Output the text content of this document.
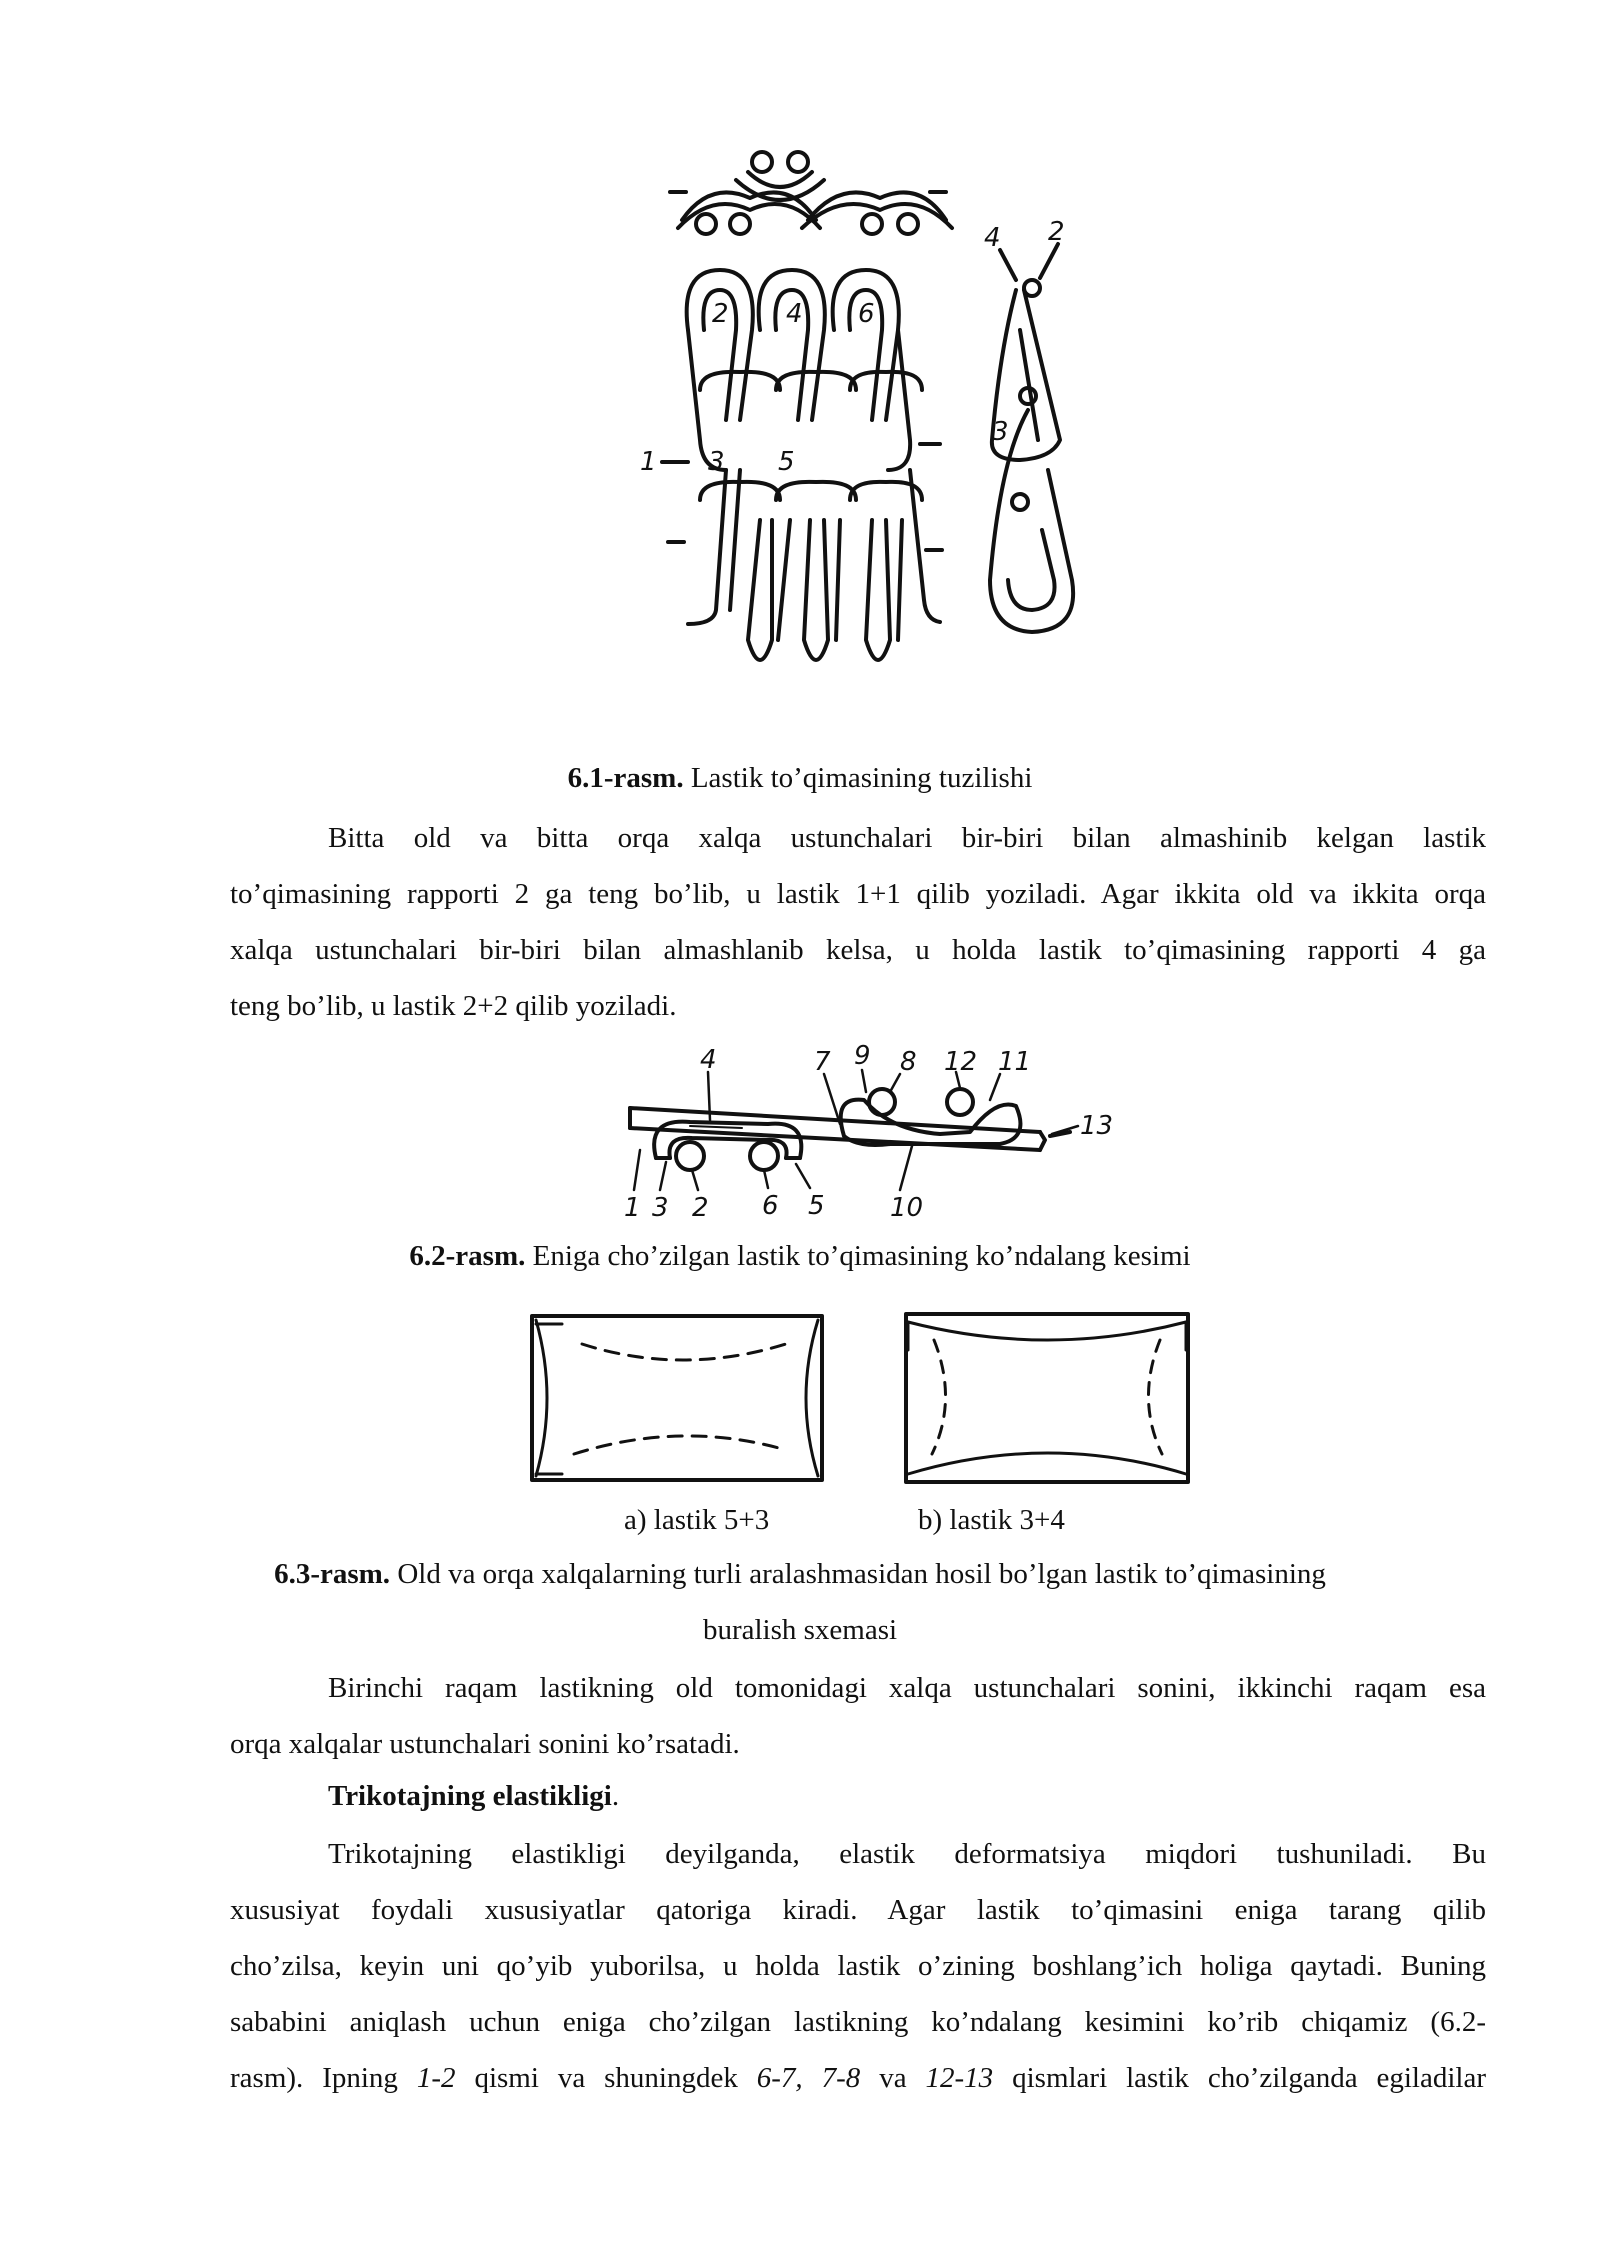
2 4 6
1 3 5
4 2
3
6.1-rasm. Lastik to’qimasining tuzilishi
Bitta old va bitta orqa xalqa ustunchalari bir-biri bilan almashinib kelgan lastik
to’qimasining rapporti 2 ga teng bo’lib, u lastik 1+1 qilib yoziladi. Agar ikkita old va ikkita orqa
xalqa ustunchalari bir-biri bilan almashlanib kelsa, u holda lastik to’qimasining rapporti 4 ga
teng bo’lib, u lastik 2+2 qilib yoziladi.
4	7 9 8 12 11
13
1 3 2 6 5	10
6.2-rasm. Eniga cho’zilgan lastik to’qimasining ko’ndalang kesimi
a) lastik 5+3	b) lastik 3+4
6.3-rasm. Old va orqa xalqalarning turli aralashmasidan hosil bo’lgan lastik to’qimasining
buralish sxemasi
Birinchi raqam lastikning old tomonidagi xalqa ustunchalari sonini, ikkinchi raqam esa
orqa xalqalar ustunchalari sonini ko’rsatadi.
Trikotajning elastikligi.
Trikotajning elastikligi deyilganda, elastik deformatsiya miqdori tushuniladi. Bu
xususiyat foydali xususiyatlar qatoriga kiradi. Agar lastik to’qimasini eniga tarang qilib
cho’zilsa, keyin uni qo’yib yuborilsa, u holda lastik o’zining boshlang’ich holiga qaytadi. Buning
sababini aniqlash uchun eniga cho’zilgan lastikning ko’ndalang kesimini ko’rib chiqamiz (6.2-
rasm). Ipning 1-2 qismi va shuningdek 6-7, 7-8 va 12-13 qismlari lastik cho’zilganda egiladilar
